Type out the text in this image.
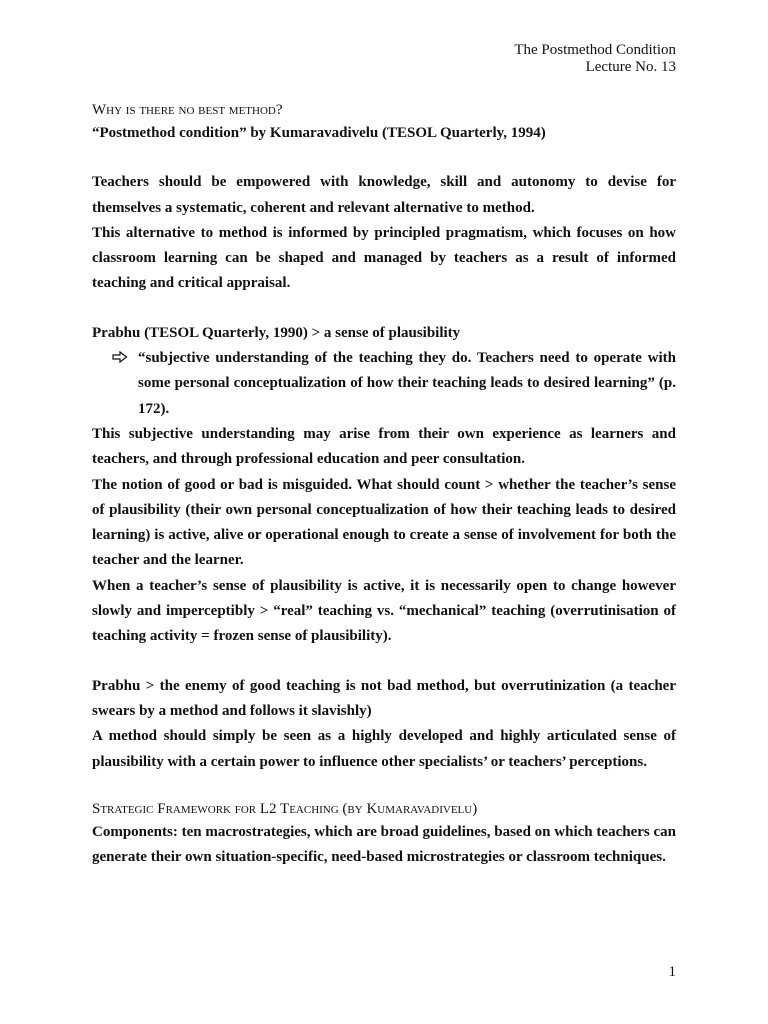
The Postmethod Condition
Lecture No. 13

Why is there no best method?

“Postmethod condition” by Kumaravadivelu (TESOL Quarterly, 1994)

Teachers should be empowered with knowledge, skill and autonomy to devise for themselves a systematic, coherent and relevant alternative to method.

This alternative to method is informed by principled pragmatism, which focuses on how classroom learning can be shaped and managed by teachers as a result of informed teaching and critical appraisal.

Prabhu (TESOL Quarterly, 1990) > a sense of plausibility

“subjective understanding of the teaching they do. Teachers need to operate with some personal conceptualization of how their teaching leads to desired learning” (p. 172).

This subjective understanding may arise from their own experience as learners and teachers, and through professional education and peer consultation.

The notion of good or bad is misguided. What should count > whether the teacher’s sense of plausibility (their own personal conceptualization of how their teaching leads to desired learning) is active, alive or operational enough to create a sense of involvement for both the teacher and the learner.

When a teacher’s sense of plausibility is active, it is necessarily open to change however slowly and imperceptibly > “real” teaching vs. “mechanical” teaching (overrutinisation of teaching activity = frozen sense of plausibility).

Prabhu > the enemy of good teaching is not bad method, but overrutinization (a teacher swears by a method and follows it slavishly)

A method should simply be seen as a highly developed and highly articulated sense of plausibility with a certain power to influence other specialists’ or teachers’ perceptions.

Strategic Framework for L2 Teaching (by Kumaravadivelu)

Components: ten macrostrategies, which are broad guidelines, based on which teachers can generate their own situation-specific, need-based microstrategies or classroom techniques.

1
